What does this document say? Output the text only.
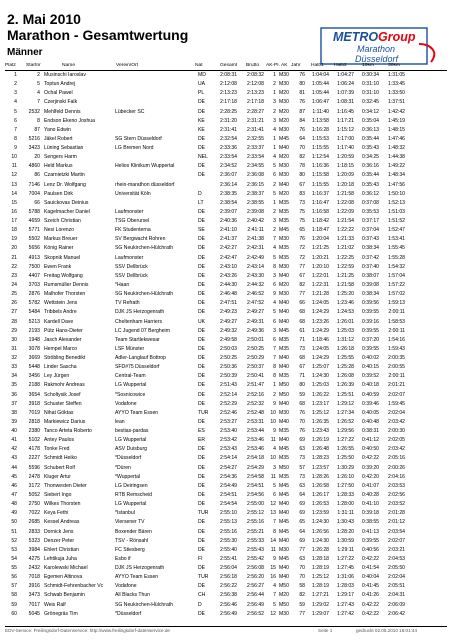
2. Mai 2010
Marathon - Gesamtwertung
Männer
METRO Group
Marathon
Düsseldorf
Platz	Startnr	Name	Verein/Ort	Nat	Gesamt	Brutto	AK-Pl. AK Jahr	Halb1	Halb2	10km	30km
1	2 Musinschi Iaroslav	MD	2:08:31	2:08:32	1 M30	76	1:04:04	1:04:27	0:30:34	1:31:05
2	5 Toptun Andrej	UA	2:12:08	2:12:08	2 M30	80	1:05:44	1:06:24	0:31:10	1:33:45
3	4 Ochal Pawel	PL	2:13:23	2:13:23	1 M20	81	1:05:44	1:07:39	0:31:10	1:33:50
4	7 Czerjinski Falk	DE	2:17:18	2:17:18	3 M30	76	1:06:47	1:08:31	0:32:45	1:37:51
5	2532 Mehlfeld Dennis	Lübecker SC	DE	2:28:25	2:28:27	2 M20	87	1:11:40	1:16:45	0:34:12	1:42:42
6	8 Endson Ekeno Joshua	KE	2:31:20	2:31:21	3 M20	84	1:13:58	1:17:21	0:35:04	1:45:19
7	87 Yano Edwin	KE	2:31:41	2:31:41	4 M30	76	1:16:28	1:15:12	0:36:13	1:48:15
8	5216 Jäkel Robert	SG Stern Düsseldorf	DE	2:32:54	2:32:55	1 M45	64	1:15:53	1:17:00	0:35:44	1:47:46
9	3423 Lüning Sebastian	LG Bremen Nord	DE	2:33:36	2:33:37	1 M40	70	1:15:55	1:17:40	0:35:43	1:48:32
10	20 Sengers Harm	NEL	2:33:54	2:33:54	4 M20	82	1:12:54	1:20:59	0:34:25	1:44:38
11	4860 Held Markus	Helios Klinikum Wuppertal	DE	2:34:52	2:34:55	5 M30	78	1:16:36	1:18:15	0:36:16	1:49:22
12	86 Czarnietzki Martin	DE	2:36:07	2:36:08	6 M30	80	1:15:58	1:20:09	0:35:44	1:48:34
13	7146 Lenz Dr. Wolfgang	rhein-marathon düsseldorf	2:36:14	2:36:15	2 M40	67	1:15:55	1:20:18	0:35:43	1:47:56
14	7004 Paulsen Dirk	Universität Köln	D	2:38:35	2:38:37	5 M20	83	1:16:37	1:21:58	0:36:12	1:50:10
15	66 Sauickovas Deinius	LT	2:38:54	2:38:55	1 M35	73	1:16:47	1:22:08	0:37:08	1:52:13
16	5788 Kagelmacher Daniel	Laufmonster	DE	2:39:07	2:39:08	2 M35	75	1:16:58	1:22:09	0:35:53	1:51:03
17	4659 Szeich Christian	TSG Oberursel	DE	2:40:36	2:40:42	3 M35	75	1:18:42	1:21:54	0:37:17	1:51:52
18	5771 Nesi Lorenzo	FK Studenterna	SE	2:41:10	2:41:11	2 M45	65	1:18:47	1:22:22	0:37:04	1:52:47
19	5502 Markus Breuer	SV Bergwacht Rohren	DE	2:41:37	2:41:38	7 M30	76	1:20:04	1:21:33	0:37:43	1:53:41
20	5656 König Rainer	SG Neukirchen-Hülchrath	DE	2:42:27	2:42:31	4 M35	72	1:21:25	1:21:02	0:38:34	1:55:45
21	4913 Skopnik Manuel	Laufmonster	DE	2:42:47	2:42:49	5 M35	72	1:20:21	1:22:25	0:37:42	1:55:28
22	7500 Ewen Frank	SSV Dellbrück	DE	2:43:10	2:43:14	8 M30	77	1:20:10	1:22:59	0:37:40	1:54:32
23	4407 Freitag Wolfgang	SSV Dellbrück	DE	2:43:26	2:43:30	3 M40	67	1:22:01	1:21:25	0:38:07	1:57:04
24	3703 Rumsmüller Dennis	*Haan	DE	2:44:30	2:44:32	6 M20	82	1:22:31	1:21:58	0:39:08	1:57:22
25	2876 Malhofer Thorsten	SG Neukirchen-Hülchrath	DE	2:46:48	2:46:52	9 M30	77	1:21:28	1:25:20	0:38:34	1:57:02
26	5782 Wettstein Jens	TV Refrath	DE	2:47:51	2:47:52	4 M40	66	1:24:05	1:23:46	0:39:56	1:59:13
27	5484 Tribbels Andre	DJK JS Herzogenrath	DE	2:49:23	2:49:27	5 M40	68	1:24:29	1:24:53	0:39:55	2:00:11
28	5213 Kardell Dave	Cheltenham Harriers	UK	2:49:27	2:49:31	6 M40	68	1:23:26	1:26:01	0:39:16	1:58:53
29	2193 Pütz Hans-Dieter	LC Jugend 07 Bergheim	DE	2:49:32	2:49:36	3 M45	61	1:24:29	1:25:03	0:39:55	2:00:11
30	1948 Jasch Alexander	Team Startlekwesar	DE	2:49:58	2:50:01	6 M35	71	1:18:46	1:31:12	0:37:20	1:54:16
31	3078 Hempel Marco	LSF Münster	DE	2:50:03	2:50:25	7 M35	73	1:24:05	1:26:18	0:39:55	1:59:43
32	3669 Ströbling Benedikt	Adler-Langlauf Bottrop	DE	2:50:25	2:50:29	7 M40	68	1:24:29	1:25:55	0:40:02	2:00:35
33	5448 Linder Sascha	SFD#75 Düsseldorf	DE	2:50:36	2:50:37	8 M40	67	1:25:07	1:25:28	0:40:15	2:00:55
34	3456 Ley Jürgen	Central-Team	DE	2:50:39	2:50:41	8 M35	71	1:24:30	1:26:08	0:39:52	2:00:11
35	2188 Rakmohr Andreas	LG Wuppertal	DE	2:51:43	2:51:47	1 M50	80	1:25:03	1:26:39	0:40:18	2:01:21
36	3654 Scholtysik Josef	*Sosnicowice	DE	2:52:14	2:52:16	2 M50	59	1:26:22	1:25:51	0:40:59	2:02:07
37	3918 Schuster Steffen	Vodafone	DE	2:52:29	2:52:32	9 M40	68	1:23:17	1:29:12	0:39:46	1:59:45
38	7019 Nihat Göktas	AYYO Team Essen	TUR	2:52:46	2:52:48	10 M30	76	1:25:12	1:27:34	0:40:05	2:02:04
39	2818 Markiewicz Darius	lean	DE	2:53:27	2:53:31	10 M40	70	1:26:35	1:26:52	0:40:48	2:03:42
40	2380 Tanco Arteta Roberto	bestias-pardas	ES	2:53:40	2:53:44	9 M35	76	1:23:43	1:29:56	0:38:31	2:00:30
41	5102 Antey Paulos	LG Wuppertal	ER	2:53:42	2:53:46	11 M40	69	1:26:19	1:27:22	0:41:12	2:02:05
42	4178 Tonke Fred	ASV Duisburg	DE	2:53:43	2:53:46	4 M45	63	1:26:48	1:26:55	0:40:50	2:03:42
43	2227 Schmidt Heiko	*Düsseldorf	DE	2:54:14	2:54:18	10 M35	73	1:28:23	1:25:50	0:42:22	2:05:16
44	5596 Schubert Rolf	*Düren	DE	2:54:27	2:54:29	3 M50	57	1:23:57	1:30:29	0:39:20	2:00:26
45	2478 Kluger Artur	*Wuppertal	DE	2:54:36	2:54:58	11 M35	73	1:28:26	1:26:10	0:42:20	2:04:16
46	3172 Thonwesten Dieter	LG Deiringsen	DE	2:54:49	2:54:51	5 M45	63	1:26:58	1:27:50	0:41:07	2:03:53
47	5052 Siebert Ingo	RTB Remscheid	DE	2:54:51	2:54:56	6 M45	64	1:26:17	1:28:33	0:40:28	2:02:56
48	2750 Wilkes Thorsten	LG Wuppertal	DE	2:54:54	2:55:00	12 M40	69	1:26:53	1:28:00	0:41:10	2:03:52
49	7022 Keya Fethi	*Istanbul	TUR	2:55:10	2:55:12	13 M40	69	1:23:59	1:31:11	0:39:18	2:01:28
50	2685 Kessel Andreas	Viersener TV	DE	2:55:13	2:55:16	7 M45	65	1:24:30	1:30:43	0:38:55	2:01:12
51	2833 Dornick Jens	Boxender Bären	DE	2:55:16	2:55:21	8 M45	64	1:26:56	1:28:20	0:41:13	2:03:54
52	5323 Denzer Peter	TSV - Rönsahl	DE	2:55:30	2:55:33	14 M40	69	1:24:30	1:30:59	0:39:55	2:02:07
53	3984 Ehlert Christian	FC Stiesberg	DE	2:55:40	2:55:43	11 M30	77	1:26:28	1:29:11	0:40:56	2:03:21
54	4275 Lehtikuja Juha	Esbo if	FI	2:55:41	2:55:42	9 M45	63	1:28:18	1:27:22	0:42:22	2:04:53
55	2432 Karolewski Michael	DJK JS Herzogenrath	DE	2:56:04	2:56:08	15 M40	70	1:28:19	1:27:45	0:41:54	2:05:50
56	7018 Egemen Altinova	AYYO Team Essen	TUR	2:56:18	2:56:20	16 M40	70	1:25:12	1:31:06	0:40:04	2:02:04
57	3916 Schmidt-Fehrenbacher Vc	Vodafone	DE	2:56:22	2:56:27	4 M50	58	1:28:19	1:28:03	0:41:45	2:05:51
58	3473 Schwab Benjamin	All Blacks Thun	CH	2:56:38	2:56:44	7 M20	82	1:27:21	1:29:17	0:41:26	2:04:31
59	7017 Weis Ralf	SG Neukirchen-Hülchrath	D	2:56:46	2:56:49	5 M50	59	1:29:02	1:27:43	0:42:22	2:06:09
60	5045 Grönegräs Tim	*Düsseldorf	DE	2:56:49	2:56:52	12 M30	77	1:29:07	1:27:42	0:42:22	2:06:42
EDV-Service: Freilingsdorf-Datenservice: http://www.freilingsdorf-datenservice.de	Seite 1	gedruckt 02.05.2010 16:01:44
